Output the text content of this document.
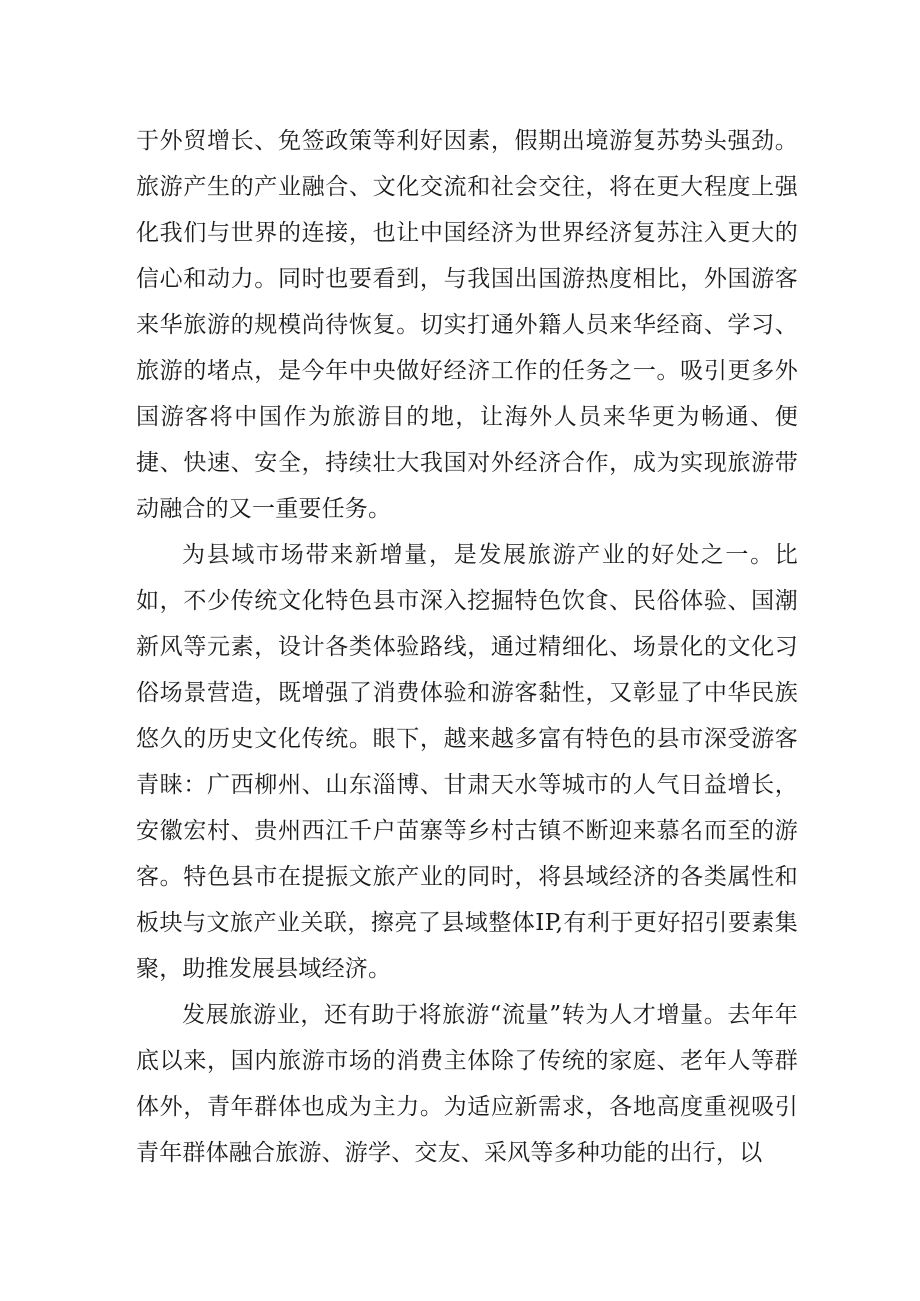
于外贸增长、免签政策等利好因素，假期出境游复苏势头强劲。旅游产生的产业融合、文化交流和社会交往，将在更大程度上强化我们与世界的连接，也让中国经济为世界经济复苏注入更大的信心和动力。同时也要看到，与我国出国游热度相比，外国游客来华旅游的规模尚待恢复。切实打通外籍人员来华经商、学习、旅游的堵点，是今年中央做好经济工作的任务之一。吸引更多外国游客将中国作为旅游目的地，让海外人员来华更为畅通、便捷、快速、安全，持续壮大我国对外经济合作，成为实现旅游带动融合的又一重要任务。

为县域市场带来新增量，是发展旅游产业的好处之一。比如，不少传统文化特色县市深入挖掘特色饮食、民俗体验、国潮新风等元素，设计各类体验路线，通过精细化、场景化的文化习俗场景营造，既增强了消费体验和游客黏性，又彰显了中华民族悠久的历史文化传统。眼下，越来越多富有特色的县市深受游客青睐：广西柳州、山东淄博、甘肃天水等城市的人气日益增长，安徽宏村、贵州西江千户苗寨等乡村古镇不断迎来慕名而至的游客。特色县市在提振文旅产业的同时，将县域经济的各类属性和板块与文旅产业关联，擦亮了县域整体IP,有利于更好招引要素集聚，助推发展县域经济。

发展旅游业，还有助于将旅游“流量”转为人才增量。去年年底以来，国内旅游市场的消费主体除了传统的家庭、老年人等群体外，青年群体也成为主力。为适应新需求，各地高度重视吸引青年群体融合旅游、游学、交友、采风等多种功能的出行，以
